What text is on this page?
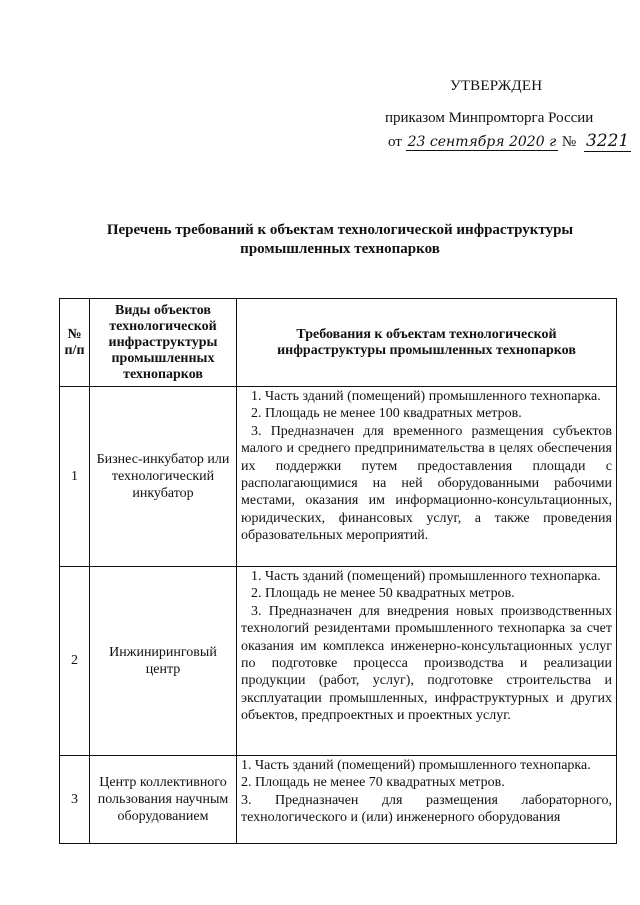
УТВЕРЖДЕН
приказом Минпромторга России
от 23 сентября 2020 г № 3221
Перечень требований к объектам технологической инфраструктуры
промышленных технопарков
№ п/п	Виды объектов технологической инфраструктуры промышленных технопарков	Требования к объектам технологической инфраструктуры промышленных технопарков
1	Бизнес-инкубатор или технологический инкубатор	1. Часть зданий (помещений) промышленного технопарка.

2. Площадь не менее 100 квадратных метров.

3. Предназначен для временного размещения субъектов малого и среднего предпринимательства в целях обеспечения их поддержки путем предоставления площади с располагающимися на ней оборудованными рабочими местами, оказания им информационно-консультационных, юридических, финансовых услуг, а также проведения образовательных мероприятий.

2	Инжиниринговый центр	1. Часть зданий (помещений) промышленного технопарка.

2. Площадь не менее 50 квадратных метров.

3. Предназначен для внедрения новых производственных технологий резидентами промышленного технопарка за счет оказания им комплекса инженерно-консультационных услуг по подготовке процесса производства и реализации продукции (работ, услуг), подготовке строительства и эксплуатации промышленных, инфраструктурных и других объектов, предпроектных и проектных услуг.

3	Центр коллективного пользования научным оборудованием	1. Часть зданий (помещений) промышленного технопарка.

2. Площадь не менее 70 квадратных метров.

3. Предназначен для размещения лабораторного, технологического и (или) инженерного оборудования
